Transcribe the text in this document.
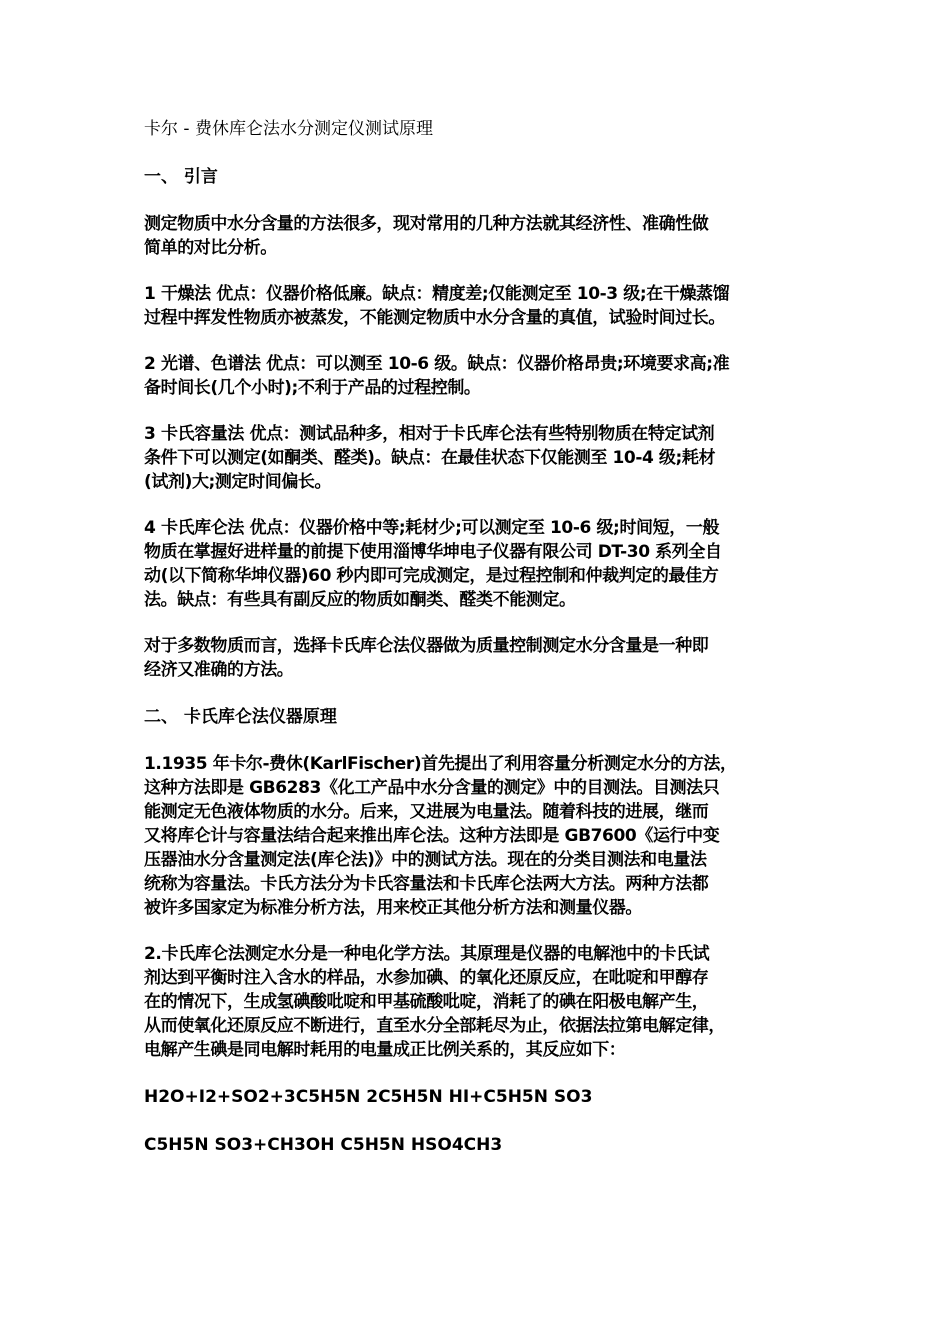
卡尔 - 费休库仑法水分测定仪测试原理
一、 引言
测定物质中水分含量的方法很多，现对常用的几种方法就其经济性、准确性做
简单的对比分析。
1 干燥法 优点：仪器价格低廉。缺点：精度差;仅能测定至 10-3 级;在干燥蒸馏
过程中挥发性物质亦被蒸发，不能测定物质中水分含量的真值，试验时间过长。
2 光谱、色谱法 优点：可以测至 10-6 级。缺点：仪器价格昂贵;环境要求高;准
备时间长(几个小时);不利于产品的过程控制。
3 卡氏容量法 优点：测试品种多，相对于卡氏库仑法有些特别物质在特定试剂
条件下可以测定(如酮类、醛类)。缺点：在最佳状态下仅能测至 10-4 级;耗材
(试剂)大;测定时间偏长。
4 卡氏库仑法 优点：仪器价格中等;耗材少;可以测定至 10-6 级;时间短，一般
物质在掌握好进样量的前提下使用淄博华坤电子仪器有限公司 DT-30 系列全自
动(以下简称华坤仪器)60 秒内即可完成测定，是过程控制和仲裁判定的最佳方
法。缺点：有些具有副反应的物质如酮类、醛类不能测定。
对于多数物质而言，选择卡氏库仑法仪器做为质量控制测定水分含量是一种即
经济又准确的方法。
二、 卡氏库仑法仪器原理
1.1935 年卡尔-费休(KarlFischer)首先提出了利用容量分析测定水分的方法，
这种方法即是 GB6283《化工产品中水分含量的测定》中的目测法。目测法只
能测定无色液体物质的水分。后来，又进展为电量法。随着科技的进展，继而
又将库仑计与容量法结合起来推出库仑法。这种方法即是 GB7600《运行中变
压器油水分含量测定法(库仑法)》中的测试方法。现在的分类目测法和电量法
统称为容量法。卡氏方法分为卡氏容量法和卡氏库仑法两大方法。两种方法都
被许多国家定为标准分析方法，用来校正其他分析方法和测量仪器。
2.卡氏库仑法测定水分是一种电化学方法。其原理是仪器的电解池中的卡氏试
剂达到平衡时注入含水的样品，水参加碘、的氧化还原反应，在吡啶和甲醇存
在的情况下，生成氢碘酸吡啶和甲基硫酸吡啶，消耗了的碘在阳极电解产生，
从而使氧化还原反应不断进行，直至水分全部耗尽为止，依据法拉第电解定律，
电解产生碘是同电解时耗用的电量成正比例关系的，其反应如下：
H2O+I2+SO2+3C5H5N 2C5H5N HI+C5H5N SO3
C5H5N SO3+CH3OH C5H5N HSO4CH3
